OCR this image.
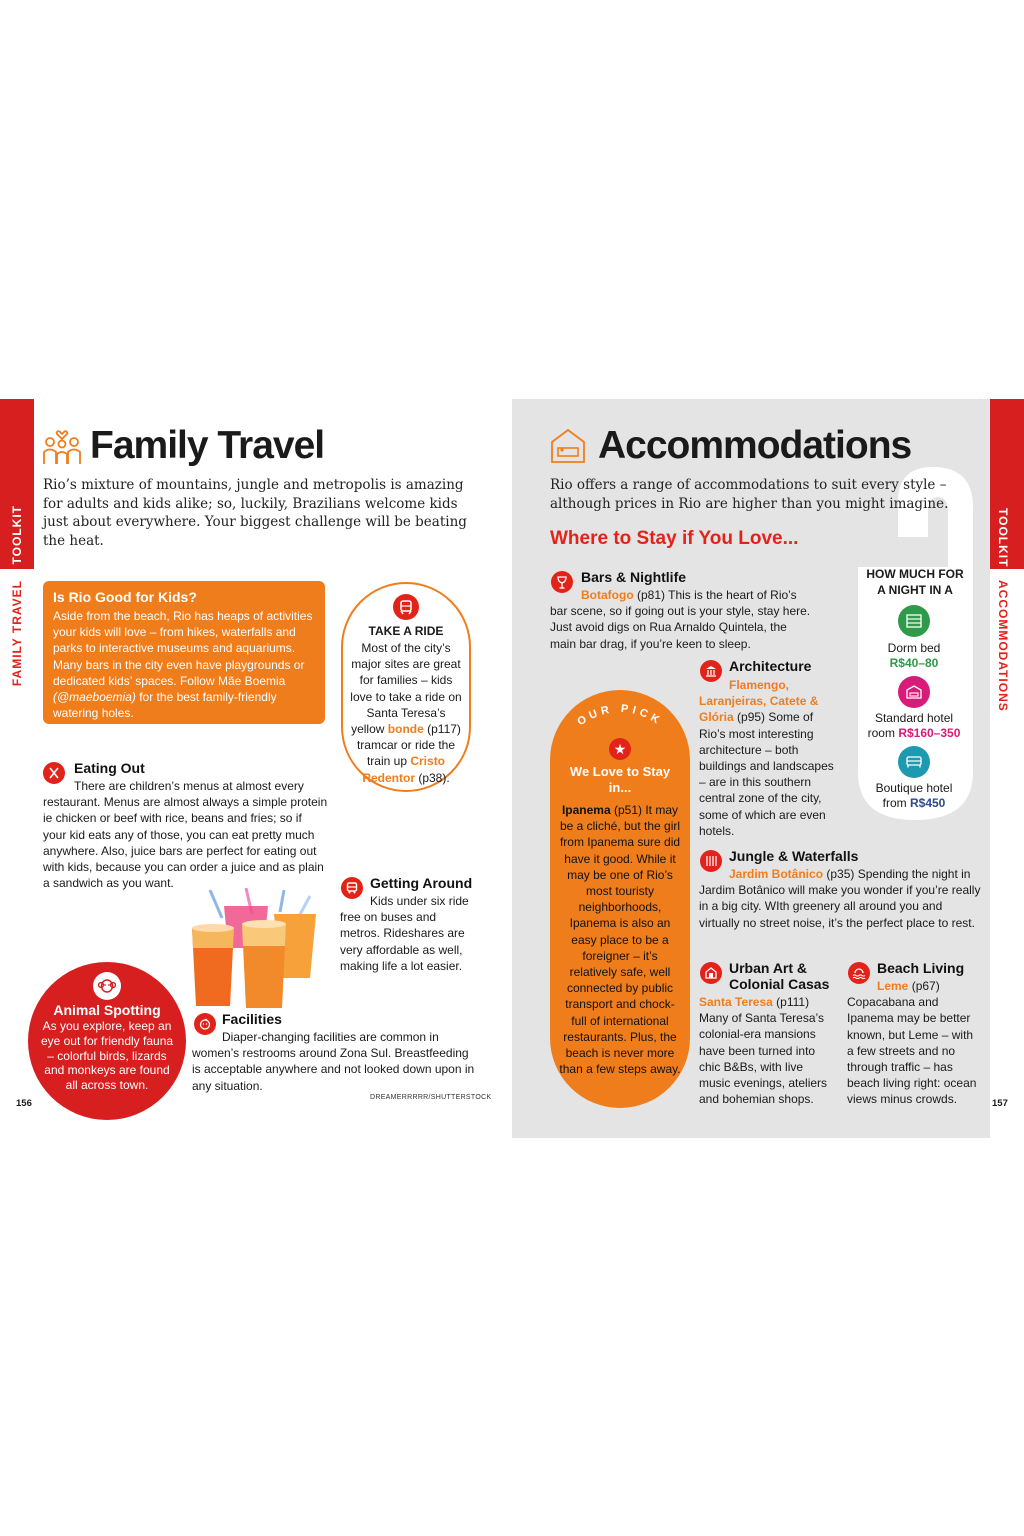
TOOLKIT
FAMILY TRAVEL
Family Travel

Rio’s mixture of mountains, jungle and metropolis is amazing for adults and kids alike; so, luckily, Brazilians welcome kids just about everywhere. Your biggest challenge will be beating the heat.

Is Rio Good for Kids?
Aside from the beach, Rio has heaps of activities your kids will love – from hikes, waterfalls and parks to interactive museums and aquariums. Many bars in the city even have playgrounds or dedicated kids’ spaces. Follow Mãe Boemia (@maeboemia) for the best family-friendly watering holes.
TAKE A RIDE
Most of the city’s major sites are great for families – kids love to take a ride on Santa Teresa’s yellow bonde (p117) tramcar or ride the train up Cristo Redentor (p38).
Eating Out

There are children’s menus at almost every restaurant. Menus are almost always a simple protein ie chicken or beef with rice, beans and fries; so if your kid eats any of those, you can eat pretty much anywhere. Also, juice bars are perfect for eating out with kids, because you can order a juice and as plain a sandwich as you want.	Getting Around

Kids under six ride free on buses and metros. Rideshares are very affordable as well, making life a lot easier.

Animal Spotting
As you explore, keep an eye out for friendly fauna – colorful birds, lizards and monkeys are found all across town.
Facilities

Diaper-changing facilities are common in women’s restrooms around Zona Sul. Breastfeeding is acceptable anywhere and not looked down upon in any situation.

DREAMERRRRR/SHUTTERSTOCK
156
TOOLKIT
ACCOMMODATIONS
Accommodations

Rio offers a range of accommodations to suit every style – although prices in Rio are higher than you might imagine.

Where to Stay if You Love...
Bars & Nightlife

Botafogo (p81) This is the heart of Rio’s bar scene, so if going out is your style, stay here. Just avoid digs on Rua Arnaldo Quintela, the main bar drag, if you’re keen to sleep.

OUR PICK
★
We Love to Stay in...
Ipanema (p51) It may be a cliché, but the girl from Ipanema sure did have it good. While it may be one of Rio’s most touristy neighborhoods, Ipanema is also an easy place to be a foreigner – it’s relatively safe, well connected by public transport and chock-full of international restaurants. Plus, the beach is never more than a few steps away.
Architecture

Flamengo, Laranjeiras, Catete & Glória (p95) Some of Rio’s most interesting architecture – both buildings and landscapes – are in this southern central zone of the city, some of which are even hotels.

HOW MUCH FOR A NIGHT IN A
Dorm bed
R$40–80
Standard hotel room R$160–350
Boutique hotel from R$450
Jungle & Waterfalls

Jardim Botânico (p35) Spending the night in Jardim Botânico will make you wonder if you’re really in a big city. WIth greenery all around you and virtually no street noise, it’s the perfect place to rest.

Urban Art & Colonial Casas

Santa Teresa (p111) Many of Santa Teresa’s colonial-era mansions have been turned into chic B&Bs, with live music evenings, ateliers and bohemian shops.

Beach Living

Leme (p67) Copacabana and Ipanema may be better known, but Leme – with a few streets and no through traffic – has beach living right: ocean views minus crowds.	157
